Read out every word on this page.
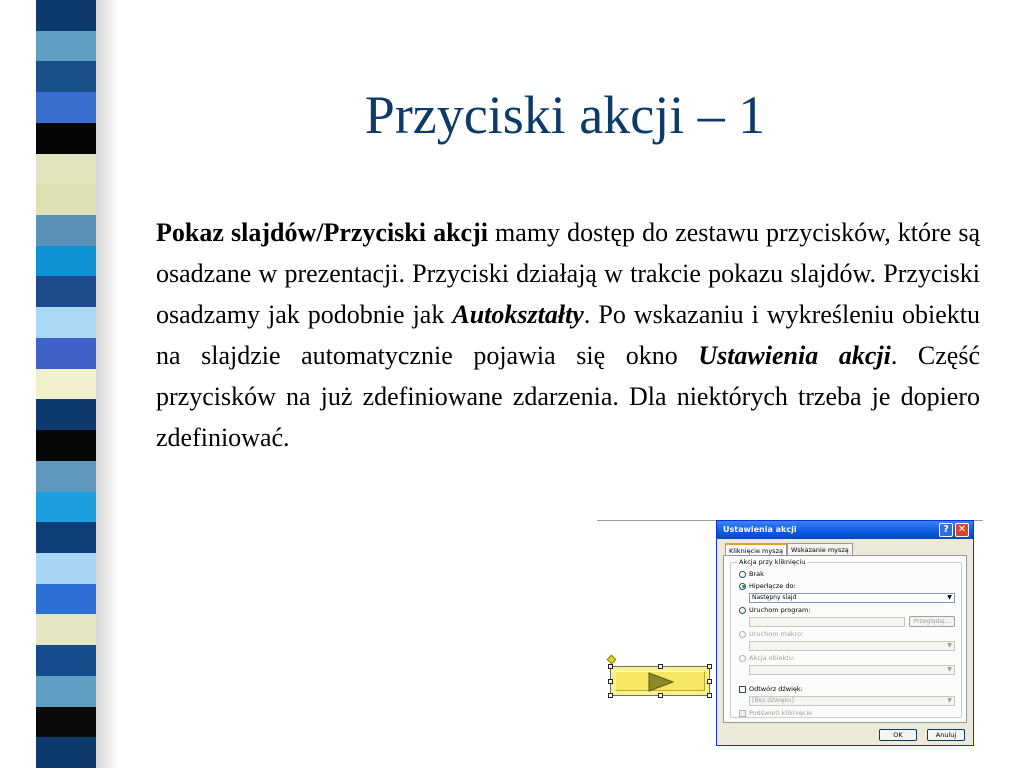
Przyciski akcji – 1
Pokaz slajdów/Przyciski akcji mamy dostęp do zestawu przycisków, które są osadzane w prezentacji. Przyciski działają w trakcie pokazu slajdów. Przyciski osadzamy jak podobnie jak Autokształty. Po wskazaniu i wykreśleniu obiektu na slajdzie automatycznie pojawia się okno Ustawienia akcji. Część przycisków na już zdefiniowane zdarzenia. Dla niektórych trzeba je dopiero zdefiniować.
Ustawienia akcji	? ✕
Kliknięcie myszą	Wskazanie myszą
Akcja przy kliknięciu
Brak
Hiperłącze do:
Następny slajd	▼
Uruchom program:
Przeglądaj...
Uruchom makro:
▼
Akcja obiektu:
▼
Odtwórz dźwięk:
[Bez dźwięku]	▼
Podświetl kliknięcie
OK	Anuluj
